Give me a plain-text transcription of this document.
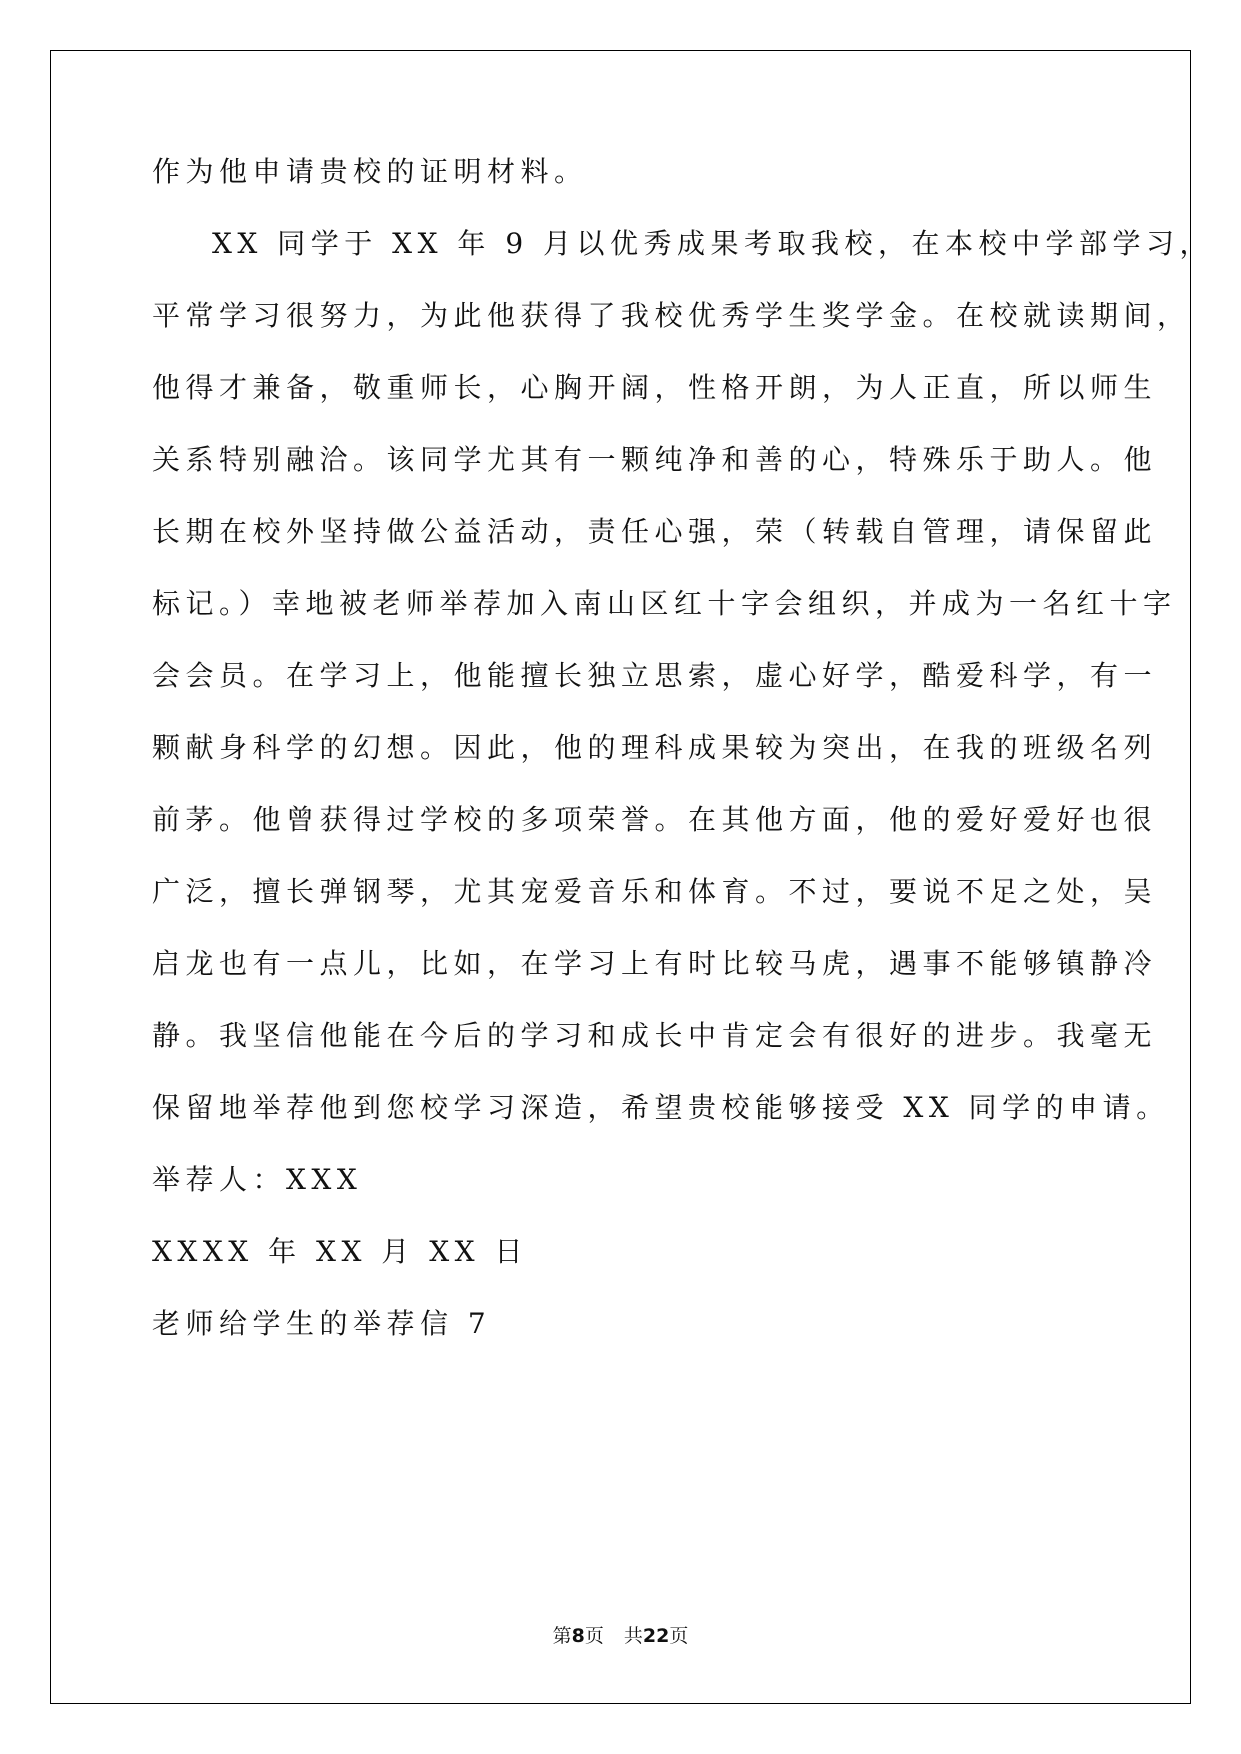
作为他申请贵校的证明材料。
XX 同学于 XX 年 9 月以优秀成果考取我校，在本校中学部学习，
平常学习很努力，为此他获得了我校优秀学生奖学金。在校就读期间，
他得才兼备，敬重师长，心胸开阔，性格开朗，为人正直，所以师生
关系特别融洽。该同学尤其有一颗纯净和善的心，特殊乐于助人。他
长期在校外坚持做公益活动，责任心强，荣（转载自管理，请保留此
标记。）幸地被老师举荐加入南山区红十字会组织，并成为一名红十字
会会员。在学习上，他能擅长独立思索，虚心好学，酷爱科学，有一
颗献身科学的幻想。因此，他的理科成果较为突出，在我的班级名列
前茅。他曾获得过学校的多项荣誉。在其他方面，他的爱好爱好也很
广泛，擅长弹钢琴，尤其宠爱音乐和体育。不过，要说不足之处，吴
启龙也有一点儿，比如，在学习上有时比较马虎，遇事不能够镇静冷
静。我坚信他能在今后的学习和成长中肯定会有很好的进步。我毫无
保留地举荐他到您校学习深造，希望贵校能够接受 XX 同学的申请。
举荐人：XXX
XXXX 年 XX 月 XX 日
老师给学生的举荐信 7
第8页 共22页
